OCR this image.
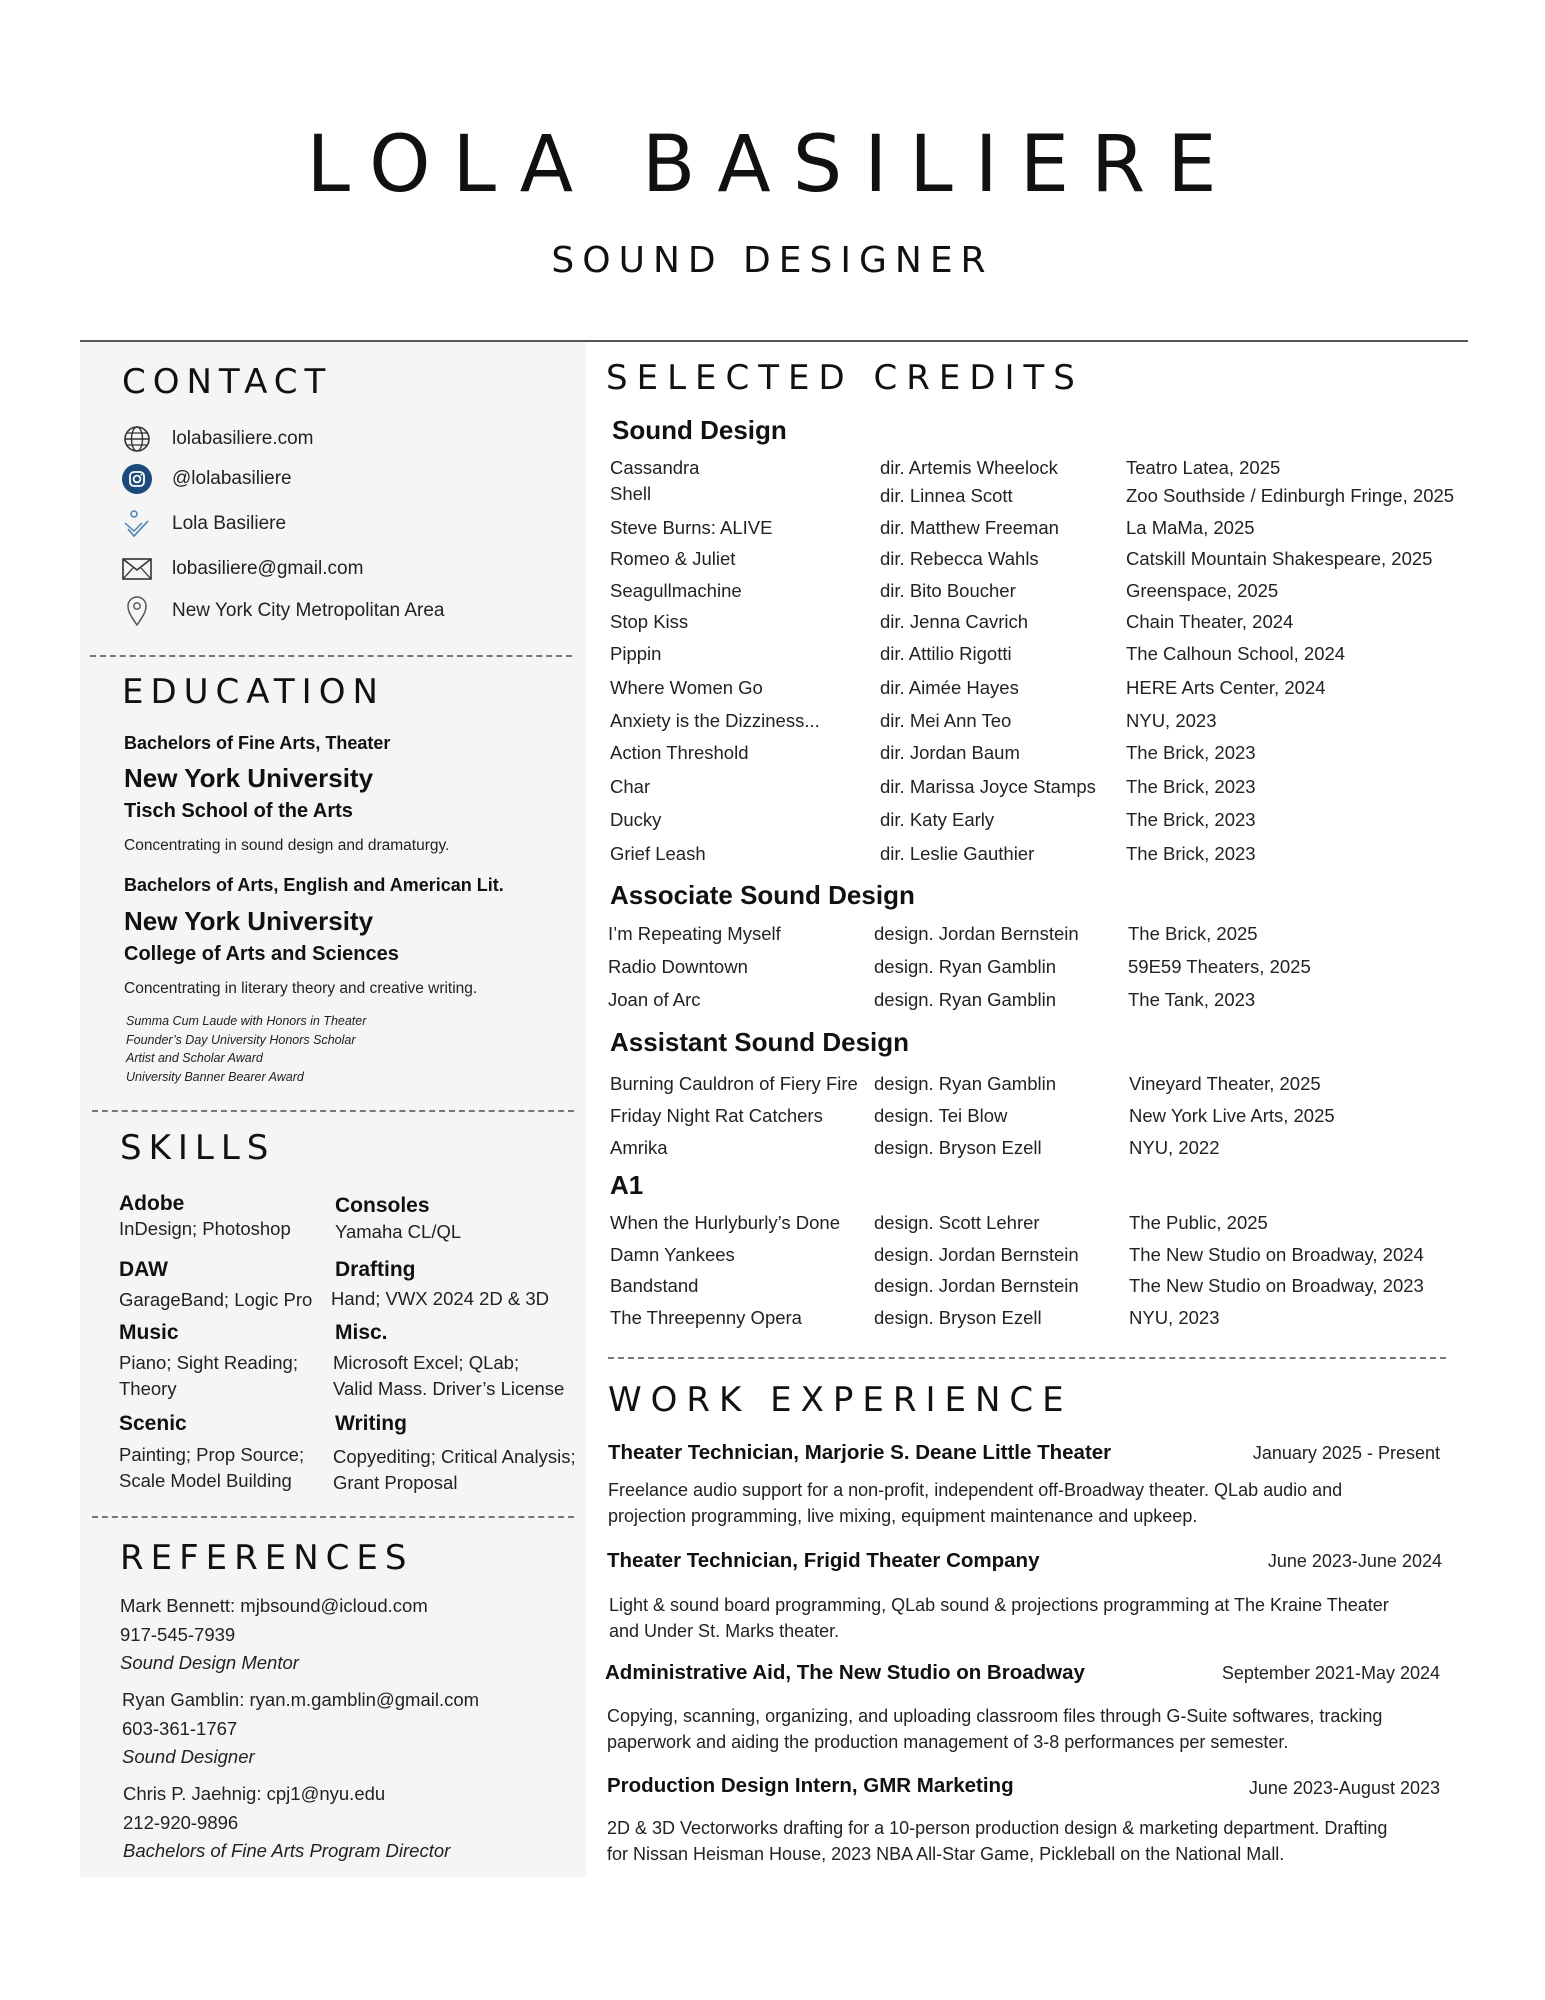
LOLA BASILIERE
SOUND DESIGNER
CONTACT
lolabasiliere.com
@lolabasiliere
Lola Basiliere
lobasiliere@gmail.com
New York City Metropolitan Area
EDUCATION
Bachelors of Fine Arts, Theater
New York University
Tisch School of the Arts
Concentrating in sound design and dramaturgy.
Bachelors of Arts, English and American Lit.
New York University
College of Arts and Sciences
Concentrating in literary theory and creative writing.
Summa Cum Laude with Honors in Theater
Founder’s Day University Honors Scholar
Artist and Scholar Award
University Banner Bearer Award
SKILLS
Adobe
InDesign; Photoshop
Consoles
Yamaha CL/QL
DAW
GarageBand; Logic Pro
Drafting
Hand; VWX 2024 2D & 3D
Music
Piano; Sight Reading;
Theory
Misc.
Microsoft Excel; QLab;
Valid Mass. Driver’s License
Scenic
Painting; Prop Source;
Scale Model Building
Writing
Copyediting; Critical Analysis;
Grant Proposal
REFERENCES
Mark Bennett: mjbsound@icloud.com
917-545-7939
Sound Design Mentor
Ryan Gamblin: ryan.m.gamblin@gmail.com
603-361-1767
Sound Designer
Chris P. Jaehnig: cpj1@nyu.edu
212-920-9896
Bachelors of Fine Arts Program Director
SELECTED CREDITS
Sound Design
Cassandra	dir. Artemis Wheelock	Teatro Latea, 2025
Shell	dir. Linnea Scott	Zoo Southside / Edinburgh Fringe, 2025
Steve Burns: ALIVE	dir. Matthew Freeman	La MaMa, 2025
Romeo & Juliet	dir. Rebecca Wahls	Catskill Mountain Shakespeare, 2025
Seagullmachine	dir. Bito Boucher	Greenspace, 2025
Stop Kiss	dir. Jenna Cavrich	Chain Theater, 2024
Pippin	dir. Attilio Rigotti	The Calhoun School, 2024
Where Women Go	dir. Aimée Hayes	HERE Arts Center, 2024
Anxiety is the Dizziness...	dir. Mei Ann Teo	NYU, 2023
Action Threshold	dir. Jordan Baum	The Brick, 2023
Char	dir. Marissa Joyce Stamps The Brick, 2023
Ducky	dir. Katy Early	The Brick, 2023
Grief Leash	dir. Leslie Gauthier	The Brick, 2023
Associate Sound Design
I’m Repeating Myself	design. Jordan Bernstein	The Brick, 2025
Radio Downtown	design. Ryan Gamblin	59E59 Theaters, 2025
Joan of Arc	design. Ryan Gamblin	The Tank, 2023
Assistant Sound Design
Burning Cauldron of Fiery Fire design. Ryan Gamblin	Vineyard Theater, 2025
Friday Night Rat Catchers	design. Tei Blow	New York Live Arts, 2025
Amrika	design. Bryson Ezell	NYU, 2022
A1
When the Hurlyburly’s Done design. Scott Lehrer	The Public, 2025
Damn Yankees	design. Jordan Bernstein	The New Studio on Broadway, 2024
Bandstand	design. Jordan Bernstein	The New Studio on Broadway, 2023
The Threepenny Opera	design. Bryson Ezell	NYU, 2023
WORK EXPERIENCE
Theater Technician, Marjorie S. Deane Little Theater	January 2025 - Present
Freelance audio support for a non-profit, independent off-Broadway theater. QLab audio and
projection programming, live mixing, equipment maintenance and upkeep.
Theater Technician, Frigid Theater Company	June 2023-June 2024
Light & sound board programming, QLab sound & projections programming at The Kraine Theater
and Under St. Marks theater.
Administrative Aid, The New Studio on Broadway	September 2021-May 2024
Copying, scanning, organizing, and uploading classroom files through G-Suite softwares, tracking
paperwork and aiding the production management of 3-8 performances per semester.
Production Design Intern, GMR Marketing	June 2023-August 2023
2D & 3D Vectorworks drafting for a 10-person production design & marketing department. Drafting
for Nissan Heisman House, 2023 NBA All-Star Game, Pickleball on the National Mall.
